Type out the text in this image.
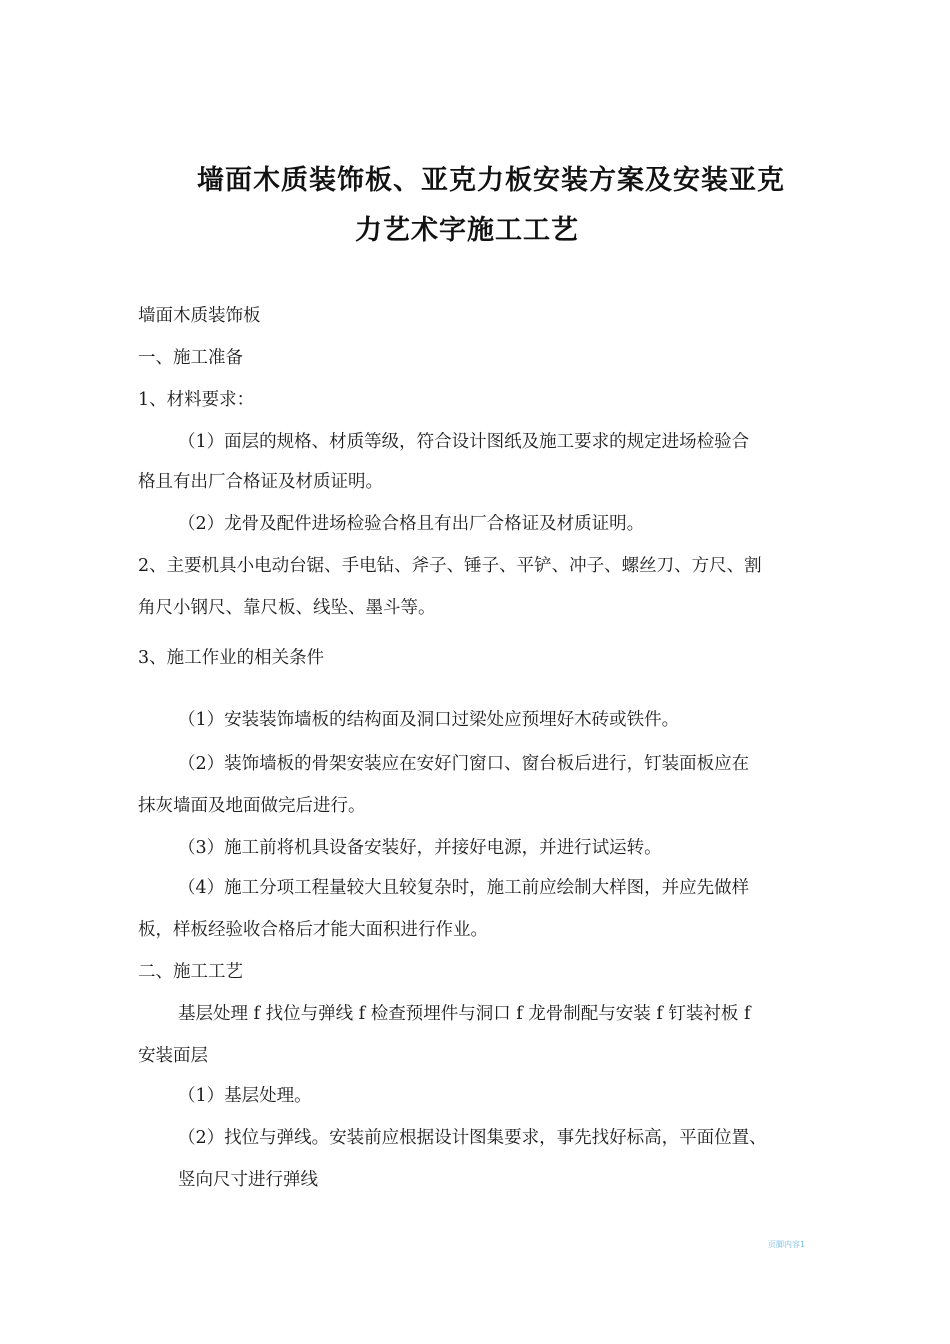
墙面木质装饰板、亚克力板安装方案及安装亚克
力艺术字施工工艺
墙面木质装饰板
一、施工准备
1、材料要求：
（1）面层的规格、材质等级，符合设计图纸及施工要求的规定进场检验合
格且有出厂合格证及材质证明。
（2）龙骨及配件进场检验合格且有出厂合格证及材质证明。
2、主要机具小电动台锯、手电钻、斧子、锤子、平铲、冲子、螺丝刀、方尺、割
角尺小钢尺、靠尺板、线坠、墨斗等。
3、施工作业的相关条件
（1）安装装饰墙板的结构面及洞口过梁处应预埋好木砖或铁件。
（2）装饰墙板的骨架安装应在安好门窗口、窗台板后进行，钉装面板应在
抹灰墙面及地面做完后进行。
（3）施工前将机具设备安装好，并接好电源，并进行试运转。
（4）施工分项工程量较大且较复杂时，施工前应绘制大样图，并应先做样
板，样板经验收合格后才能大面积进行作业。
二、施工工艺
基层处理 f 找位与弹线 f 检查预埋件与洞口 f 龙骨制配与安装 f 钉装衬板 f
安装面层
（1）基层处理。
（2）找位与弹线。安装前应根据设计图集要求，事先找好标高，平面位置、
竖向尺寸进行弹线
页脚内容1
